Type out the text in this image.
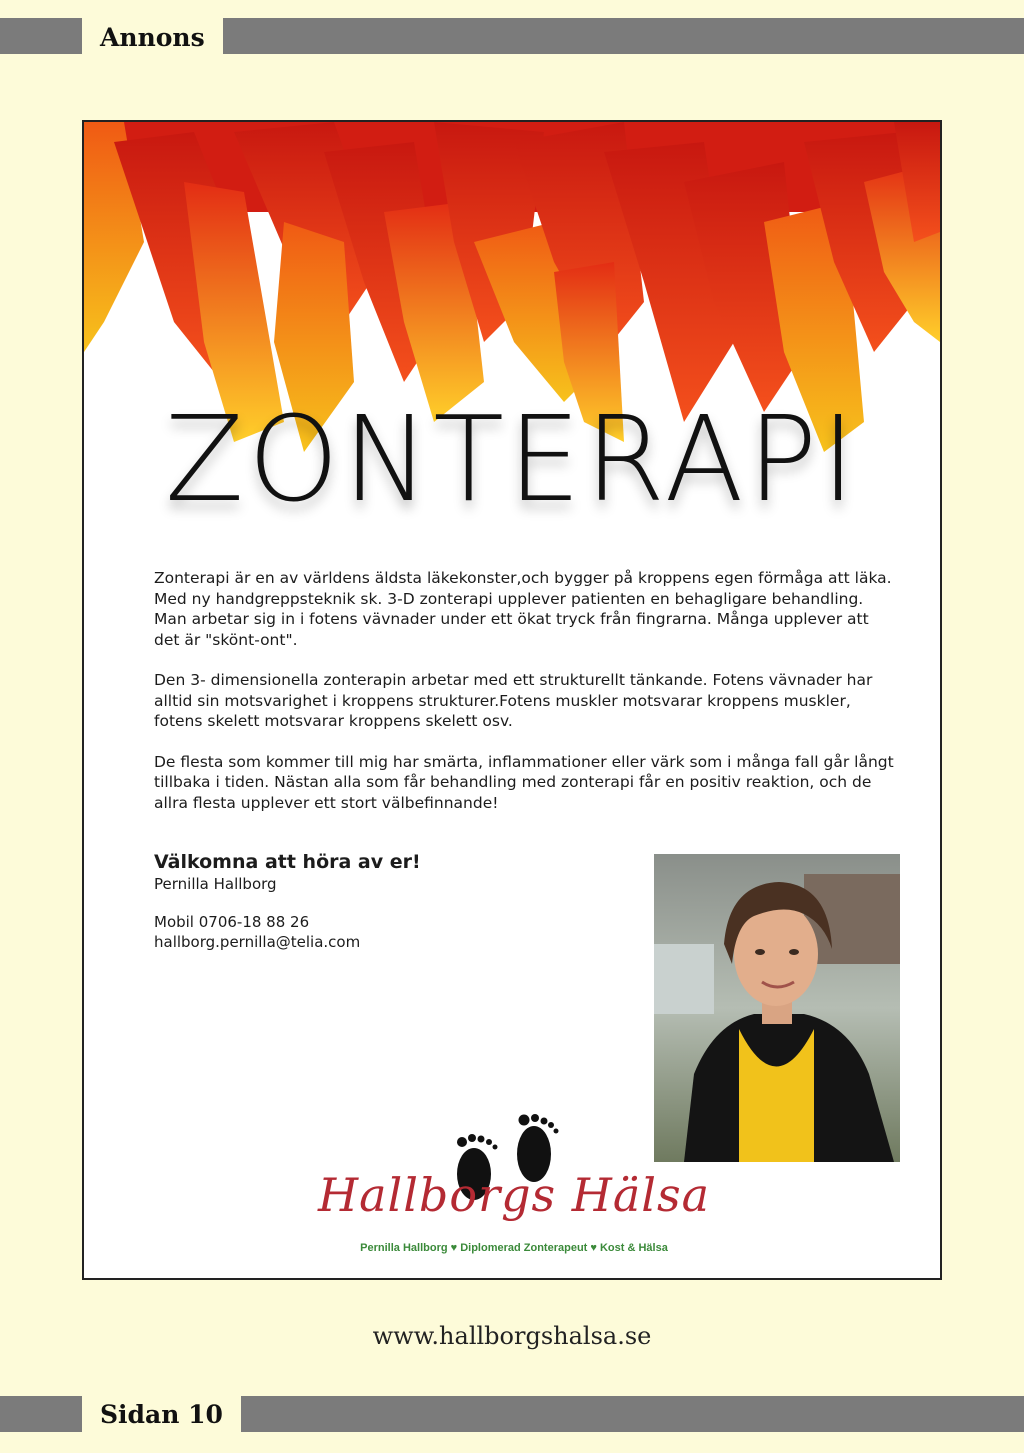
Annons
ZONTERAPI

Zonterapi är en av världens äldsta läkekonster,och bygger på kroppens egen förmåga att läka. Med ny handgreppsteknik sk. 3-D zonterapi upplever patienten en behagligare behandling. Man arbetar sig in i fotens vävnader under ett ökat tryck från fingrarna. Många upplever att det är "skönt-ont".

Den 3- dimensionella zonterapin arbetar med ett strukturellt tänkande. Fotens vävnader har alltid sin motsvarighet i kroppens strukturer.Fotens muskler motsvarar kroppens muskler, fotens skelett motsvarar kroppens skelett osv.

De flesta som kommer till mig har smärta, inflammationer eller värk som i många fall går långt tillbaka i tiden. Nästan alla som får behandling med zonterapi får en positiv reaktion, och de allra flesta upplever ett stort välbefinnande!

Välkomna att höra av er!
Pernilla Hallborg
Mobil 0706-18 88 26
hallborg.pernilla@telia.com
Hallborgs Hälsa
Pernilla Hallborg ♥ Diplomerad Zonterapeut ♥ Kost & Hälsa
www.hallborgshalsa.se
Sidan 10
